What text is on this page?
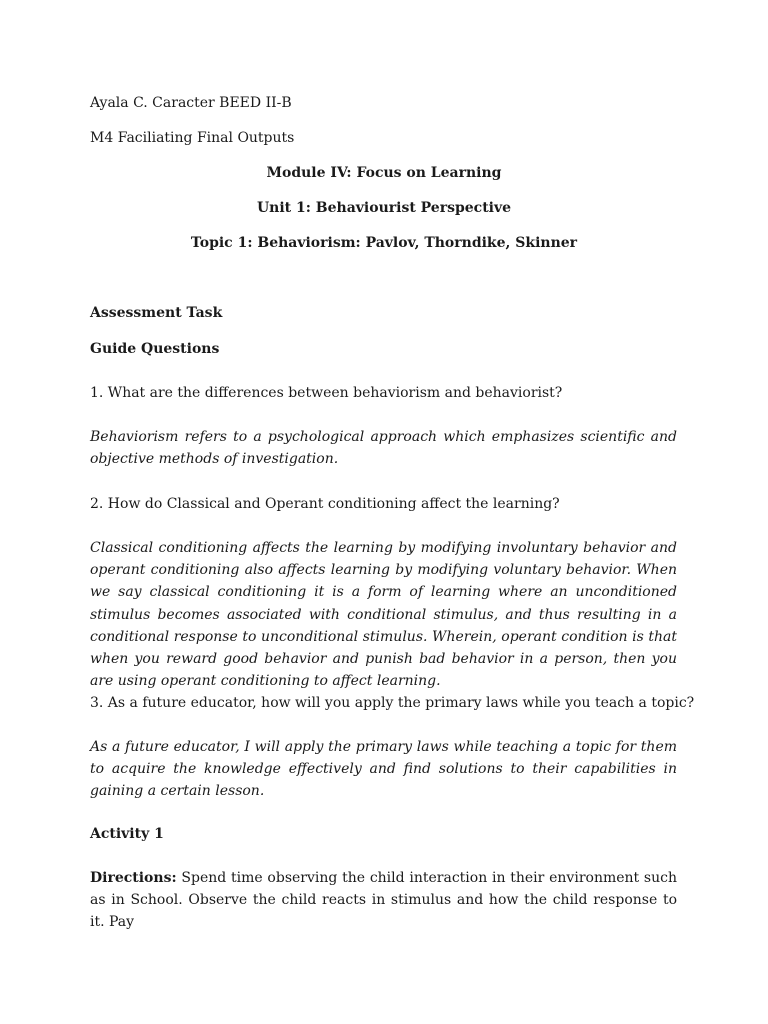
Ayala C. Caracter BEED II-B

M4 Faciliating Final Outputs

Module IV: Focus on Learning

Unit 1: Behaviourist Perspective

Topic 1: Behaviorism: Pavlov, Thorndike, Skinner

Assessment Task

Guide Questions

1. What are the differences between behaviorism and behaviorist?

Behaviorism refers to a psychological approach which emphasizes scientific and objective methods of investigation.

2. How do Classical and Operant conditioning affect the learning?

Classical conditioning affects the learning by modifying involuntary behavior and operant conditioning also affects learning by modifying voluntary behavior. When we say classical conditioning it is a form of learning where an unconditioned stimulus becomes associated with conditional stimulus, and thus resulting in a conditional response to unconditional stimulus. Wherein, operant condition is that when you reward good behavior and punish bad behavior in a person, then you are using operant conditioning to affect learning.

3. As a future educator, how will you apply the primary laws while you teach a topic?

As a future educator, I will apply the primary laws while teaching a topic for them to acquire the knowledge effectively and find solutions to their capabilities in gaining a certain lesson.

Activity 1

Directions: Spend time observing the child interaction in their environment such as in School. Observe the child reacts in stimulus and how the child response to it. Pay
